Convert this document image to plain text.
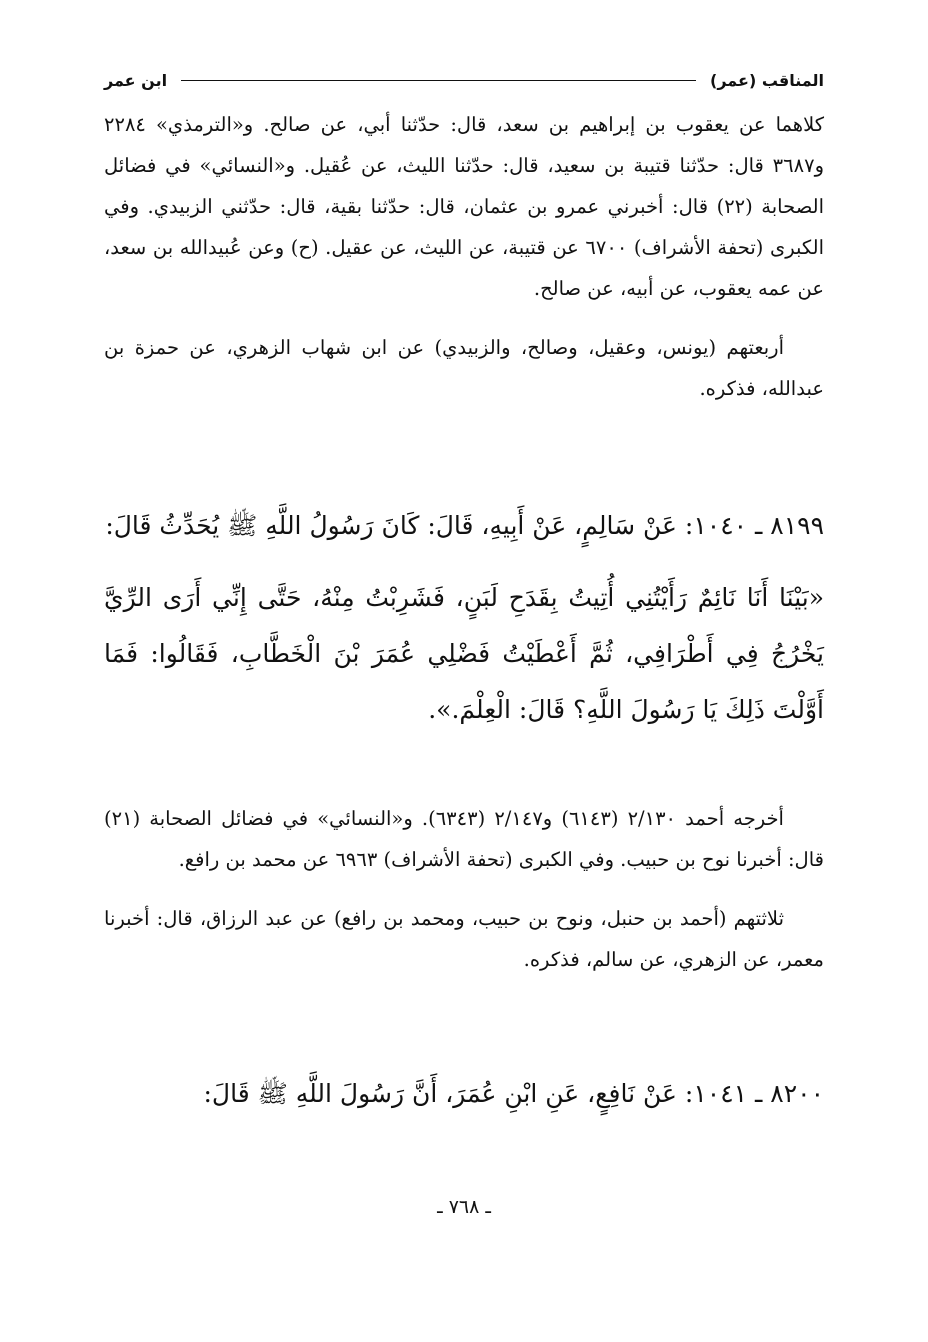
المناقب (عمر)
ابن عمر

كلاهما عن يعقوب بن إبراهيم بن سعد، قال: حدّثنا أبي، عن صالح. و«الترمذي» ٢٢٨٤ و٣٦٨٧ قال: حدّثنا قتيبة بن سعيد، قال: حدّثنا الليث، عن عُقيل. و«النسائي» في فضائل الصحابة (٢٢) قال: أخبرني عمرو بن عثمان، قال: حدّثنا بقية، قال: حدّثني الزبيدي. وفي الكبرى (تحفة الأشراف) ٦٧٠٠ عن قتيبة، عن الليث، عن عقيل. (ح) وعن عُبيدالله بن سعد، عن عمه يعقوب، عن أبيه، عن صالح.

أربعتهم (يونس، وعقيل، وصالح، والزبيدي) عن ابن شهاب الزهري، عن حمزة بن عبدالله، فذكره.

٨١٩٩ ـ ١٠٤٠: عَنْ سَالِمٍ، عَنْ أَبِيهِ، قَالَ: كَانَ رَسُولُ اللَّهِ ﷺ يُحَدِّثُ قَالَ:

«بَيْنَا أَنَا نَائِمٌ رَأَيْتُنِي أُتِيتُ بِقَدَحِ لَبَنٍ، فَشَرِبْتُ مِنْهُ، حَتَّى إِنِّي أَرَى الرِّيَّ يَخْرُجُ فِي أَطْرَافِي، ثُمَّ أَعْطَيْتُ فَضْلِي عُمَرَ بْنَ الْخَطَّابِ، فَقَالُوا: فَمَا أَوَّلْتَ ذَلِكَ يَا رَسُولَ اللَّهِ؟ قَالَ: الْعِلْمَ.».

أخرجه أحمد ٢/١٣٠ (٦١٤٣) و٢/١٤٧ (٦٣٤٣). و«النسائي» في فضائل الصحابة (٢١) قال: أخبرنا نوح بن حبيب. وفي الكبرى (تحفة الأشراف) ٦٩٦٣ عن محمد بن رافع.

ثلاثتهم (أحمد بن حنبل، ونوح بن حبيب، ومحمد بن رافع) عن عبد الرزاق، قال: أخبرنا معمر، عن الزهري، عن سالم، فذكره.

٨٢٠٠ ـ ١٠٤١: عَنْ نَافِعٍ، عَنِ ابْنِ عُمَرَ، أَنَّ رَسُولَ اللَّهِ ﷺ قَالَ:

ـ ٧٦٨ ـ
